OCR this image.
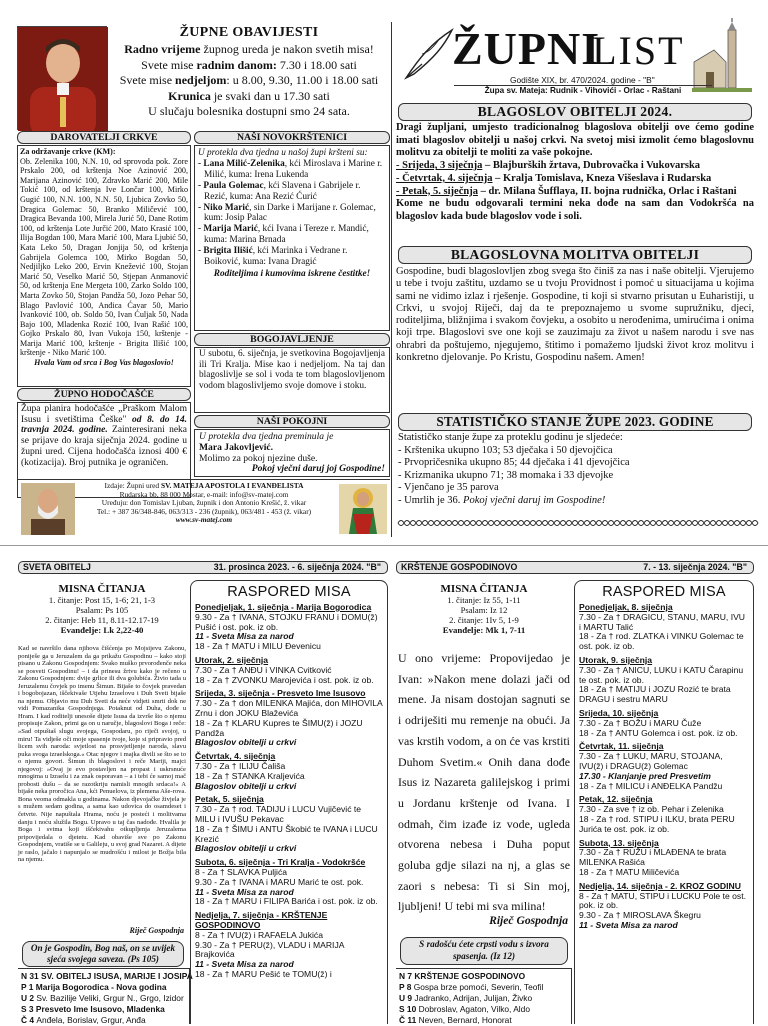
ŽUPNE OBAVIJESTI
Radno vrijeme župnog ureda je nakon svetih misa!
Svete mise radnim danom: 7.30 i 18.00 sati
Svete mise nedjeljom: u 8.00, 9.30, 11.00 i 18.00 sati
Krunica je svaki dan u 17.30 sati
U slučaju bolesnika dostupni smo 24 sata.
ŽUPNILIST
Godište XIX, br. 470/2024. godine - "B"
Župa sv. Mateja: Rudnik - Vihovići - Orlac - Raštani
DAROVATELJI CRKVE
Za održavanje crkve (KM):
Ob. Zelenika 100, N.N. 10, od sprovoda pok. Zore Prskalo 200, od krštenja Noe Azinović 200, Marijana Azinović 100, Zdravko Marić 200, Mile Tokić 100, od krštenja Ive Lončar 100, Mirko Gugić 100, N.N. 100, N.N. 50, Ljubica Zovko 50, Dragica Golemac 50, Branko Miličević 100, Dragica Bevanda 100, Mirela Jurić 50, Dane Rotim 100, od krštenja Lote Jurčić 200, Mato Krasić 100, Ilija Bogdan 100, Mara Marić 100, Mara Ljubić 50, Kata Leko 50, Dragan Jonjija 50, od krštenja Gabrijela Golemca 100, Mirko Bogdan 50, Nedjiljko Leko 200, Ervin Knežević 100, Stojan Marić 50, Veselko Marić 50, Stjepan Anmanović 50, od krštenja Ene Mergeta 100, Zarko Soldo 100, Marta Zovko 50, Stojan Pandža 50, Jozo Pehar 50, Blago Pavlović 100, Anđica Ćavar 50, Mario Ivanković 100, ob. Soldo 50, Ivan Ćuljak 50, Nada Bajo 100, Mladenka Rozić 100, Ivan Rašić 100, Gojko Prskalo 80, Ivan Vukoja 150, krštenje - Marija Marić 100, krštenje - Brigita Ilišić 100, krštenje - Niko Marić 100.
Hvala Vam od srca i Bog Vas blagoslovio!
NAŠI NOVOKRŠTENICI
U protekla dva tjedna u našoj župi kršteni su:
- Lana Milić-Zelenika, kći Miroslava i Marine r. Milić, kuma: Irena Lukenda
- Paula Golemac, kći Slavena i Gabrijele r. Rezić, kuma: Ana Rezić Ćurić
- Niko Marić, sin Darke i Marijane r. Golemac, kum: Josip Palac
- Marija Marić, kći Ivana i Tereze r. Mandić, kuma: Marina Brnada
- Brigita Ilišić, kći Marinka i Vedrane r. Boiković, kuma: Ivana Dragić
Roditeljima i kumovima iskrene čestitke!
BOGOJAVLJENJE
U subotu, 6. siječnja, je svetkovina Bogojavljenja ili Tri Kralja. Mise kao i nedjeljom. Na taj dan blagoslivlje se sol i voda te tom blagoslovljenom vodom blagoslivljemo svoje domove i stoku.
ŽUPNO HODOČAŠĆE
Župa planira hodočašće „Praškom Malom Isusu i svetištima Češke" od 8. do 14. travnja 2024. godine. Zainteresirani neka se prijave do kraja siječnja 2024. godine u župni ured. Cijena hodočašća iznosi 400 € (kotizacija). Broj putnika je ograničen.
NAŠI POKOJNI
U protekla dva tjedna preminula je
Mara Jakovljević.
Molimo za pokoj njezine duše.
Pokoj vječni daruj joj Gospodine!
Izdaje: Župni ured SV. MATEJA APOSTOLA I EVANĐELISTA
Rudarska bb, 88 000 Mostar, e-mail: info@sv-matej.com
Uređuju: don Tomislav Ljuban, župnik i don Antonio Krešić, ž. vikar
Tel.: + 387 36/348-846, 063/313 - 236 (župnik), 063/481 - 453 (ž. vikar)
www.sv-matej.com
BLAGOSLOV OBITELJI 2024.
Dragi župljani, umjesto tradicionalnog blagoslova obitelji ove ćemo godine imati blagoslov obitelji u našoj crkvi. Na svetoj misi izmolit ćemo blagoslovnu molitvu za obitelji te moliti za vaše pokojne.
- Srijeda, 3 siječnja – Blajburških žrtava, Dubrovačka i Vukovarska
- Četvrtak, 4. siječnja – Kralja Tomislava, Kneza Višeslava i Rudarska
- Petak, 5. siječnja – dr. Milana Šufflaya, II. bojna rudnička, Orlac i Raštani
Kome ne budu odgovarali termini neka dođe na sam dan Vodokršća na blagoslov kada bude blagoslov vode i soli.
BLAGOSLOVNA MOLITVA OBITELJI
Gospodine, budi blagoslovljen zbog svega što činiš za nas i naše obitelji. Vjerujemo u tebe i tvoju zaštitu, uzdamo se u tvoju Providnost i pomoć u situacijama u kojima sami ne vidimo izlaz i rješenje. Gospodine, ti koji si stvarno prisutan u Euharistiji, u Crkvi, u svojoj Riječi, daj da te prepoznajemo u svome supružniku, djeci, roditeljima, bližnjima i svakom čovjeku, a osobito u nerođenima, umirućima i onima koji trpe. Blagoslovi sve one koji se zauzimaju za život u našem narodu i sve nas ohrabri da poštujemo, njegujemo, štitimo i pomažemo ljudski život kroz molitvu i konkretno djelovanje. Po Kristu, Gospodinu našem. Amen!
STATISTIČKO STANJE ŽUPE 2023. GODINE
Statističko stanje župe za proteklu godinu je sljedeće:
- Krštenika ukupno 103; 53 dječaka i 50 djevojčica
- Prvopričesnika ukupno 85; 44 dječaka i 41 djevojčica
- Krizmanika ukupno 71; 38 momaka i 33 djevojke
- Vjenčano je 35 parova
- Umrlih je 36. Pokoj vječni daruj im Gospodine!
SVETA OBITELJ	31. prosinca 2023. - 6. siječnja 2024. "B"
MISNA ČITANJA
1. čitanje: Post 15, 1-6; 21, 1-3
Psalam: Ps 105
2. čitanje: Heb 11, 8.11-12.17-19
Evanđelje: Lk 2,22-40
Kad se navršilo dana njihova čišćenja po Mojsijevu Zakonu, poniješe ga u Jeruzalem da ga prikažu Gospodinu – kako stoji pisano u Zakonu Gospodnjem: Svako muško prvorođenče neka se posveti Gospodinu! – i da prinesu žrtvu kako je rečeno u Zakonu Gospodnjem: dvije grlice ili dva golubića. Živio tada u Jeruzalemu čovjek po imenu Šimun. Bijaše to čovjek pravedan i bogobojazan, iščekivaše Utjehu Izraelovu i Duh Sveti bijaše na njemu. Objavio mu Duh Sveti da neće vidjeti smrti dok ne vidi Pomazanika Gospodnjega. Potaknut od Duha, dođe u Hram. I kad roditelji unesoše dijete Isusa da izvrše što o njemu propisuje Zakon, primi ga on u naručje, blagoslovi Boga i reče: »Sad otpuštaš slugu svojega, Gospodaru, po riječi svojoj, u miru! Ta vidješe oči moje spasenje tvoje, koje si pripravio pred licem svih naroda: svjetlost na prosvjetljenje naroda, slavu puka svoga izraelskoga.« Otac njegov i majka divili se što se to o njemu govori. Šimun ih blagoslovi i reče Mariji, majci njegovoj: »Ovaj je evo postavljen na propast i uskrsnuće mnogima u Izraelu i za znak osporavan – a i tebi će samoj mač probosti dušu – da se razotkriju namisli mnogih srdaca!« A bijaše neka proročica Ana, kći Penuelova, iz plemena Aše-rova. Bona veoma odmakla u godinama. Nakon djevojačke živjela je s mužem sedam godina, a sama kao udovica do osamdeset i četvrte. Nije napuštala Hrama, noću je posteći i molitvama danju i noću služila Bogu. Upravo u taj čas nadođe. Hvalila je Boga i svima koji iščekivahu otkupljenja Jeruzalema pripovijedala o djetetu. Kad obaviše sve po Zakonu Gospodnjem, vratiše se u Galileju, u svoj grad Nazaret. A dijete je raslo, jačalo i napunjalo se mudrošću i milost je Božja bila na njemu.
Riječ Gospodnja
On je Gospodin, Bog naš, on se uvijek sjeća svojega saveza. (Ps 105)
N 31 SV. OBITELJ ISUSA, MARIJE I JOSIPA
P 1 Marija Bogorodica - Nova godina
U 2 Sv. Bazilije Veliki, Grgur N., Grgo, Izidor
S 3 Presveto Ime Isusovo, Mladenka
Č 4 Anđela, Borislav, Grgur, Anđa
RASPORED MISA
Ponedjeljak, 1. siječnja - Marija Bogorodica
9.30 - Za † IVANA, STOJKU FRANU i DOMU(ž) Pušić i ost. pok. iz ob.
11 - Sveta Misa za narod
18 - Za † MATU i MILU Đevenicu
Utorak, 2. siječnja
7.30 - Za † ANĐU i VINKA Cvitković
18 - Za † ZVONKU Marojevića i ost. pok. iz ob.
Srijeda, 3. siječnja - Presveto Ime Isusovo
7.30 - Za † don MILENKA Majića, don MIHOVILA Zrnu i don JOKU Blaževića
18 - Za † KLARU Kupres te ŠIMU(ž) i JOZU Pandža
Blagoslov obitelji u crkvi
Četvrtak, 4. siječnja
7.30 - Za † ILIJU Čališa
18 - Za † STANKA Kraljevića
Blagoslov obitelji u crkvi
Petak, 5. siječnja
7.30 - Za † rod. TADIJU i LUCU Vujičević te MILU i IVUŠU Pekavac
18 - Za † ŠIMU i ANTU Škobić te IVANA i LUCU Krezić
Blagoslov obitelji u crkvi
Subota, 6. siječnja - Tri Kralja - Vodokršće
8 - Za † SLAVKA Puljića
9.30 - Za † IVANA i MARU Marić te ost. pok.
11 - Sveta Misa za narod
18 - Za † MARU i FILIPA Barića i ost. pok. iz ob.
Nedjelja, 7. siječnja - KRŠTENJE GOSPODINOVO
8 - Za † IVU(ž) i RAFAELA Jukića
9.30 - Za † PERU(ž), VLADU i MARIJA Brajkovića
11 - Sveta Misa za narod
18 - Za † MARU Pešić te TOMU(ž) i
KRŠTENJE GOSPODINOVO	7. - 13. siječnja 2024. "B"
MISNA ČITANJA
1. čitanje: Iz 55, 1-11
Psalam: Iz 12
2. čitanje: 1Iv 5, 1-9
Evanđelje: Mk 1, 7-11
U ono vrijeme: Propovijedao je Ivan: »Nakon mene dolazi jači od mene. Ja nisam dostojan sagnuti se i odriješiti mu remenje na obući. Ja vas krstih vodom, a on će vas krstiti Duhom Svetim.« Onih dana dođe Isus iz Nazareta galilejskog i primi u Jordanu krštenje od Ivana. I odmah, čim izađe iz vode, ugleda otvorena nebesa i Duha poput goluba gdje silazi na nj, a glas se zaori s nebesa: Ti si Sin moj, ljubljeni! U tebi mi sva milina!
Riječ Gospodnja
S radošću ćete crpsti vodu s izvora spasenja. (Iz 12)
N 7 KRŠTENJE GOSPODINOVO
P 8 Gospa brze pomoći, Severin, Teofil
U 9 Jadranko, Adrijan, Julijan, Živko
S 10 Dobroslav, Agaton, Vilko, Aldo
Č 11 Neven, Bernard, Honorat
RASPORED MISA
Ponedjeljak, 8. siječnja
7.30 - Za † DRAGICU, STANU, MARU, IVU i MARTU Talić
18 - Za † rod. ZLATKA i VINKU Golemac te ost. pok. iz ob.
Utorak, 9. siječnja
7.30 - Za † ANICU, LUKU i KATU Čarapinu te ost. pok. iz ob.
18 - Za † MATIJU i JOZU Rozić te brata DRAGU i sestru MARU
Srijeda, 10. siječnja
7.30 - Za † BOŽU i MARU Čuže
18 - Za † ANTU Golemca i ost. pok. iz ob.
Četvrtak, 11. siječnja
7.30 - Za † LUKU, MARU, STOJANA, IVU(ž) i DRAGU(ž) Golemac
17.30 - Klanjanje pred Presvetim
18 - Za † MILICU i ANĐELKA Pandžu
Petak, 12. siječnja
7.30 - Za sve † iz ob. Pehar i Zelenika
18 - Za † rod. STIPU i ILKU, brata PERU Jurića te ost. pok. iz ob.
Subota, 13. siječnja
7.30 - Za † RUŽU i MLAĐENA te brata MILENKA Rašića
18 - Za † MATU Miličevića
Nedjelja, 14. siječnja - 2. KROZ GODINU
8 - Za † MATU, STIPU i LUCKU Pole te ost. pok. iz ob.
9.30 - Za † MIROSLAVA Škegru
11 - Sveta Misa za narod
